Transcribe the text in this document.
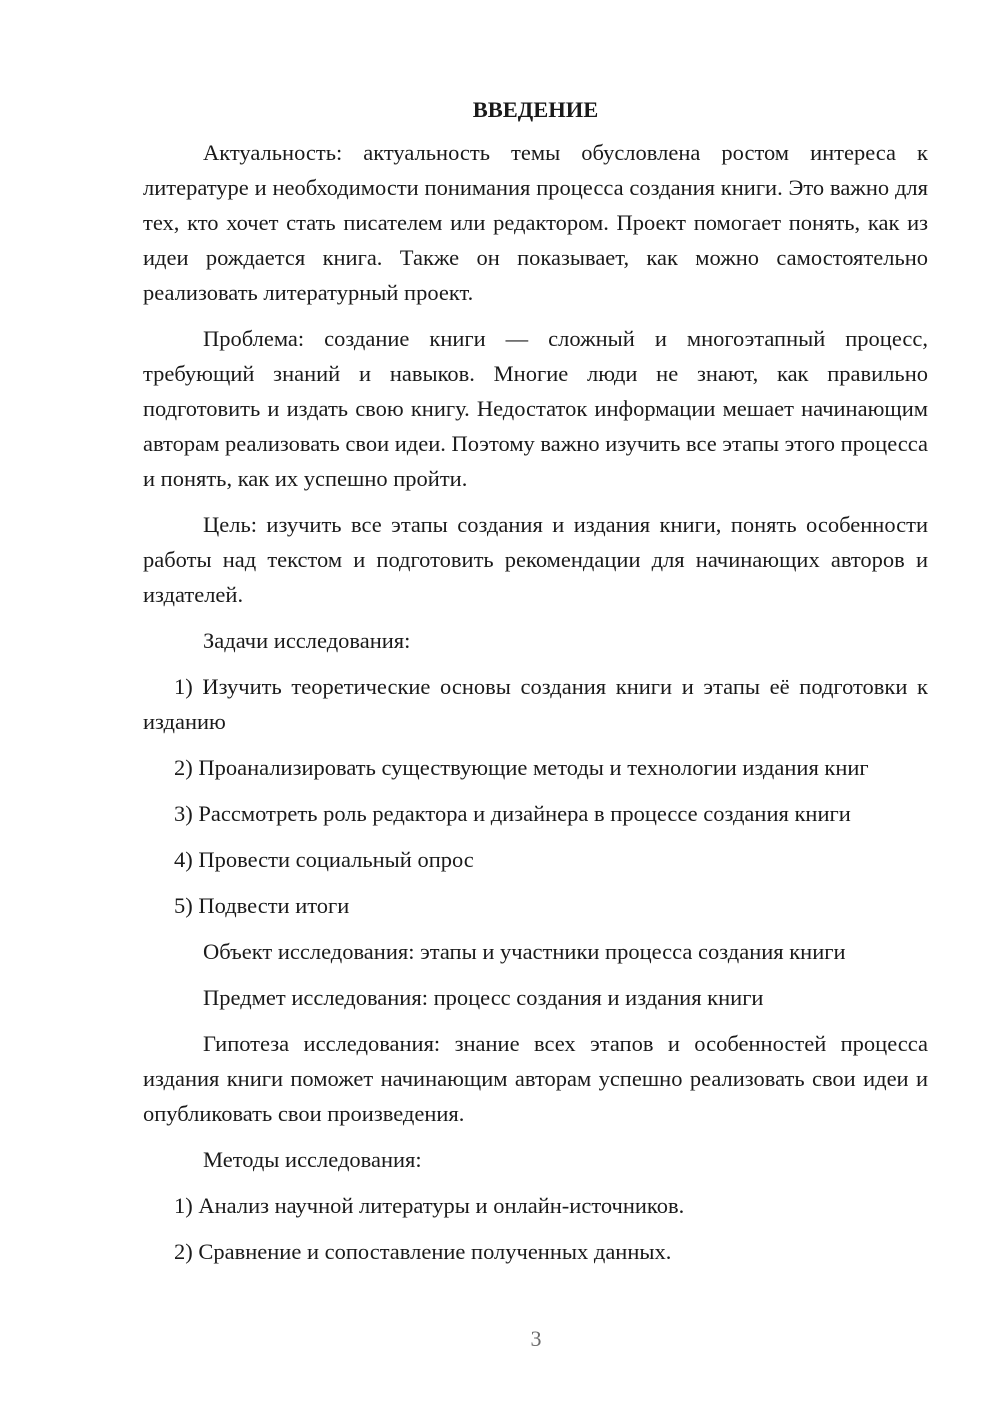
ВВЕДЕНИЕ

Актуальность: актуальность темы обусловлена ростом интереса к литературе и необходимости понимания процесса создания книги. Это важно для тех, кто хочет стать писателем или редактором. Проект помогает понять, как из идеи рождается книга. Также он показывает, как можно самостоятельно реализовать литературный проект.

Проблема: создание книги — сложный и многоэтапный процесс, требующий знаний и навыков. Многие люди не знают, как правильно подготовить и издать свою книгу. Недостаток информации мешает начинающим авторам реализовать свои идеи. Поэтому важно изучить все этапы этого процесса и понять, как их успешно пройти.

Цель: изучить все этапы создания и издания книги, понять особенности работы над текстом и подготовить рекомендации для начинающих авторов и издателей.

Задачи исследования:

1) Изучить теоретические основы создания книги и этапы её подготовки к изданию

2) Проанализировать существующие методы и технологии издания книг

3) Рассмотреть роль редактора и дизайнера в процессе создания книги

4) Провести социальный опрос

5) Подвести итоги

Объект исследования: этапы и участники процесса создания книги

Предмет исследования: процесс создания и издания книги

Гипотеза исследования: знание всех этапов и особенностей процесса издания книги поможет начинающим авторам успешно реализовать свои идеи и опубликовать свои произведения.

Методы исследования:

1) Анализ научной литературы и онлайн-источников.

2) Сравнение и сопоставление полученных данных.

3
